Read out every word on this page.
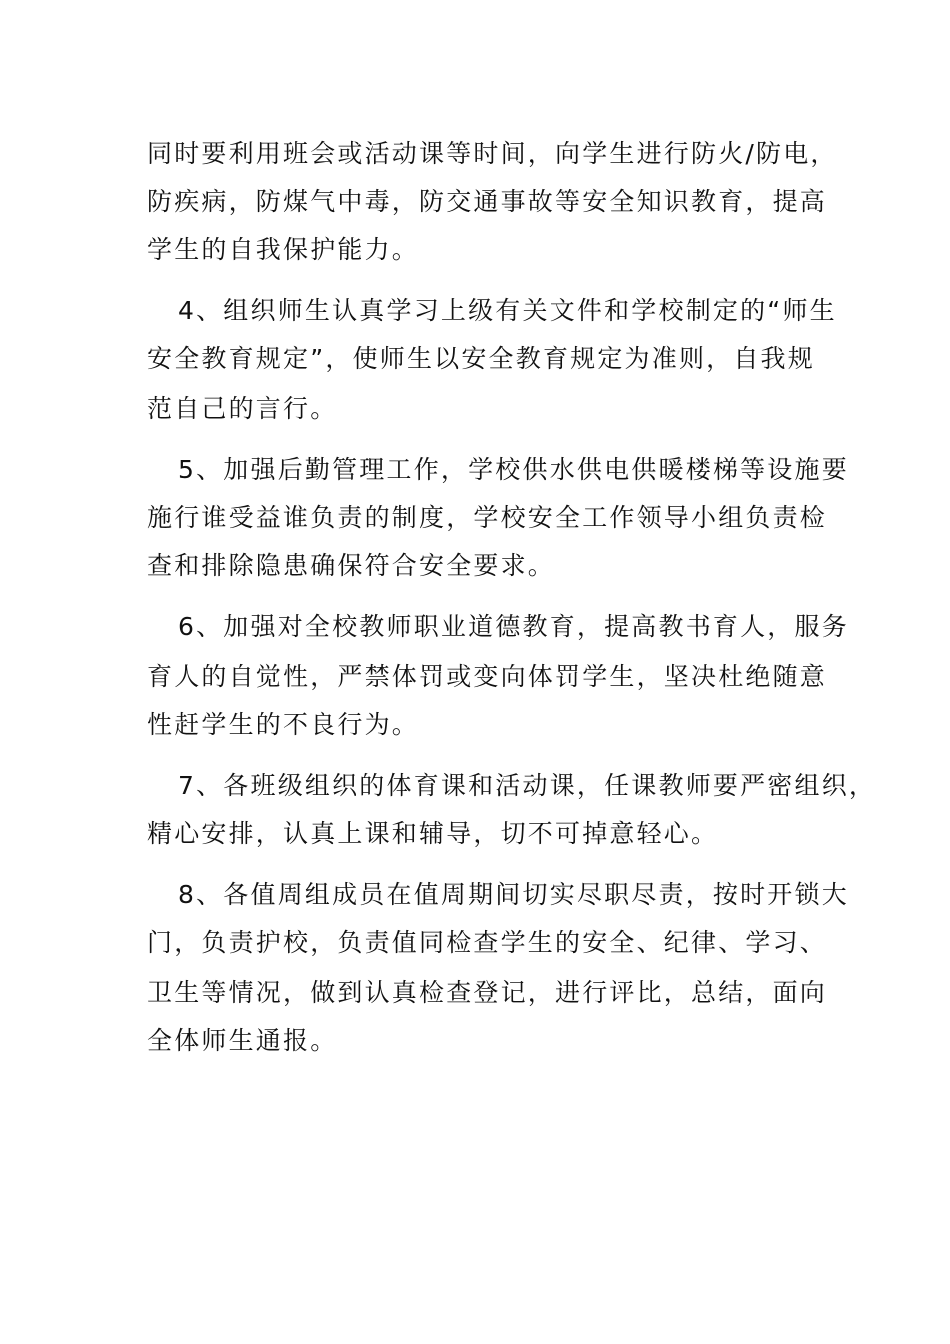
同时要利用班会或活动课等时间，向学生进行防火/防电，
防疾病，防煤气中毒，防交通事故等安全知识教育，提高
学生的自我保护能力。
4、组织师生认真学习上级有关文件和学校制定的“师生
安全教育规定”，使师生以安全教育规定为准则，自我规
范自己的言行。
5、加强后勤管理工作，学校供水供电供暖楼梯等设施要
施行谁受益谁负责的制度，学校安全工作领导小组负责检
查和排除隐患确保符合安全要求。
6、加强对全校教师职业道德教育，提高教书育人，服务
育人的自觉性，严禁体罚或变向体罚学生，坚决杜绝随意
性赶学生的不良行为。
7、各班级组织的体育课和活动课，任课教师要严密组织，
精心安排，认真上课和辅导，切不可掉意轻心。
8、各值周组成员在值周期间切实尽职尽责，按时开锁大
门，负责护校，负责值同检查学生的安全、纪律、学习、
卫生等情况，做到认真检查登记，进行评比，总结，面向
全体师生通报。
